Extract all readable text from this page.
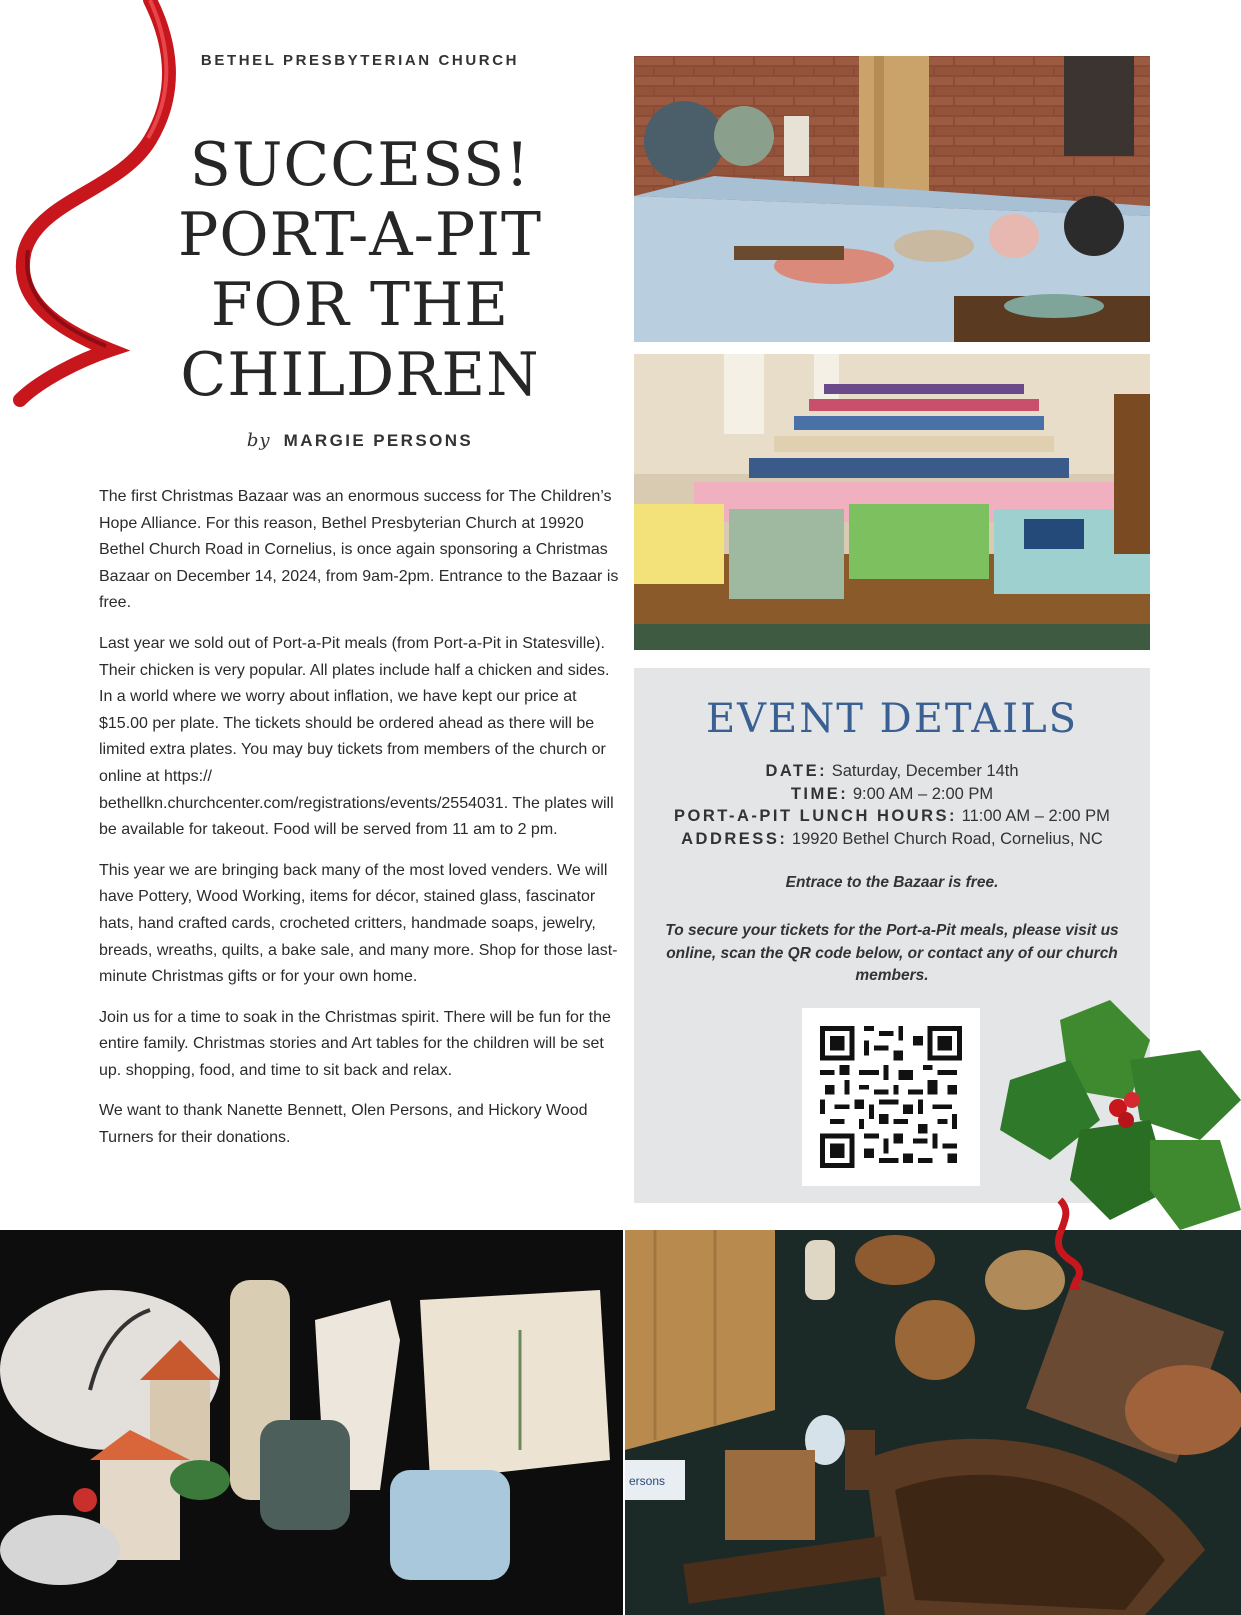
BETHEL PRESBYTERIAN CHURCH
SUCCESS!
PORT-A-PIT
FOR THE
CHILDREN
by MARGIE PERSONS

The first Christmas Bazaar was an enormous success for The Children’s Hope Alliance. For this reason, Bethel Presbyterian Church at 19920 Bethel Church Road in Cornelius, is once again sponsoring a Christmas Bazaar on December 14, 2024, from 9am-2pm. Entrance to the Bazaar is free.

Last year we sold out of Port-a-Pit meals (from Port-a-Pit in Statesville). Their chicken is very popular. All plates include half a chicken and sides. In a world where we worry about inflation, we have kept our price at $15.00 per plate. The tickets should be ordered ahead as there will be limited extra plates. You may buy tickets from members of the church or online at https:// bethellkn.churchcenter.com/registrations/events/2554031. The plates will be available for takeout. Food will be served from 11 am to 2 pm.

This year we are bringing back many of the most loved venders. We will have Pottery, Wood Working, items for décor, stained glass, fascinator hats, hand crafted cards, crocheted critters, handmade soaps, jewelry, breads, wreaths, quilts, a bake sale, and many more. Shop for those last-minute Christmas gifts or for your own home.

Join us for a time to soak in the Christmas spirit. There will be fun for the entire family. Christmas stories and Art tables for the children will be set up. shopping, food, and time to sit back and relax.

We want to thank Nanette Bennett, Olen Persons, and Hickory Wood Turners for their donations.

EVENT DETAILS
DATE: Saturday, December 14th
TIME: 9:00 AM – 2:00 PM
PORT-A-PIT LUNCH HOURS: 11:00 AM – 2:00 PM
ADDRESS: 19920 Bethel Church Road, Cornelius, NC
Entrace to the Bazaar is free.
To secure your tickets for the Port-a-Pit meals, please visit us online, scan the QR code below, or contact any of our church members.
ersons
